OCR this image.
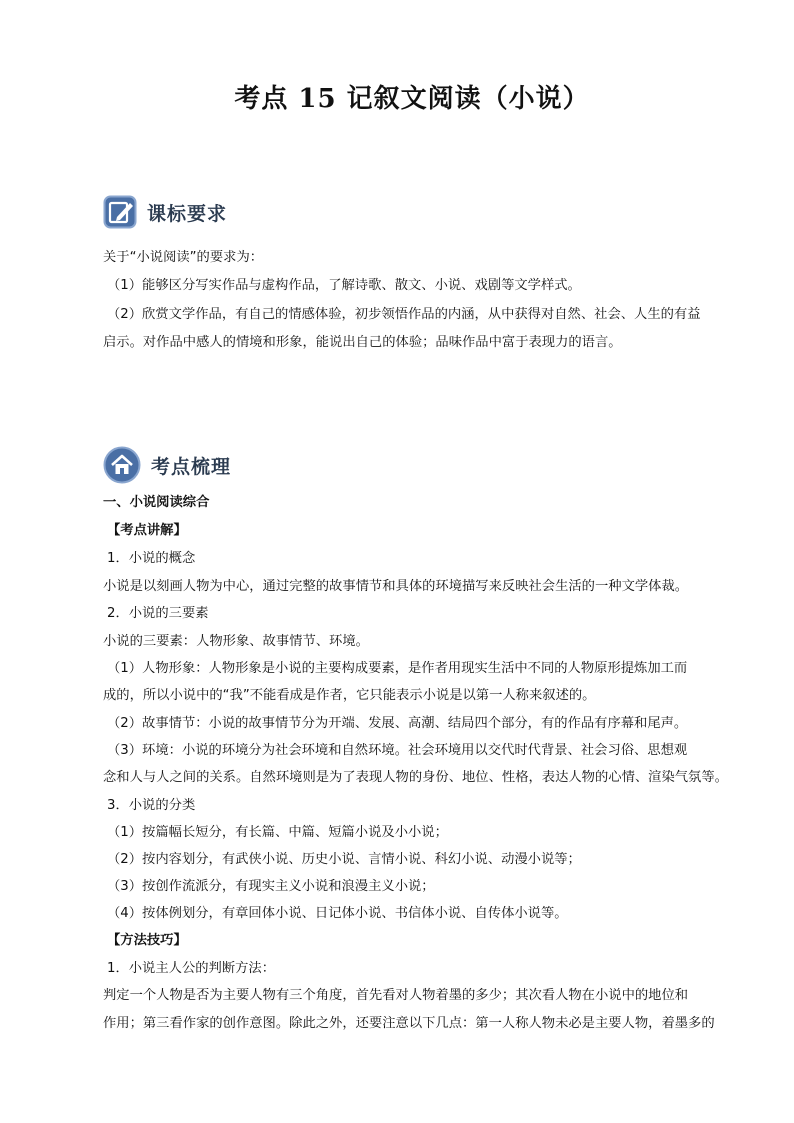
考点 15 记叙文阅读（小说）
课标要求
关于“小说阅读”的要求为：
（1）能够区分写实作品与虚构作品，了解诗歌、散文、小说、戏剧等文学样式。
（2）欣赏文学作品，有自己的情感体验，初步领悟作品的内涵，从中获得对自然、社会、人生的有益
启示。对作品中感人的情境和形象，能说出自己的体验；品味作品中富于表现力的语言。
考点梳理
一、小说阅读综合
【考点讲解】
1．小说的概念
小说是以刻画人物为中心，通过完整的故事情节和具体的环境描写来反映社会生活的一种文学体裁。
2．小说的三要素
小说的三要素：人物形象、故事情节、环境。
（1）人物形象：人物形象是小说的主要构成要素，是作者用现实生活中不同的人物原形提炼加工而
成的，所以小说中的“我”不能看成是作者，它只能表示小说是以第一人称来叙述的。
（2）故事情节：小说的故事情节分为开端、发展、高潮、结局四个部分，有的作品有序幕和尾声。
（3）环境：小说的环境分为社会环境和自然环境。社会环境用以交代时代背景、社会习俗、思想观
念和人与人之间的关系。自然环境则是为了表现人物的身份、地位、性格，表达人物的心情、渲染气氛等。
3．小说的分类
（1）按篇幅长短分，有长篇、中篇、短篇小说及小小说；
（2）按内容划分，有武侠小说、历史小说、言情小说、科幻小说、动漫小说等；
（3）按创作流派分，有现实主义小说和浪漫主义小说；
（4）按体例划分，有章回体小说、日记体小说、书信体小说、自传体小说等。
【方法技巧】
1．小说主人公的判断方法：
判定一个人物是否为主要人物有三个角度，首先看对人物着墨的多少；其次看人物在小说中的地位和
作用；第三看作家的创作意图。除此之外，还要注意以下几点：第一人称人物未必是主要人物，着墨多的
